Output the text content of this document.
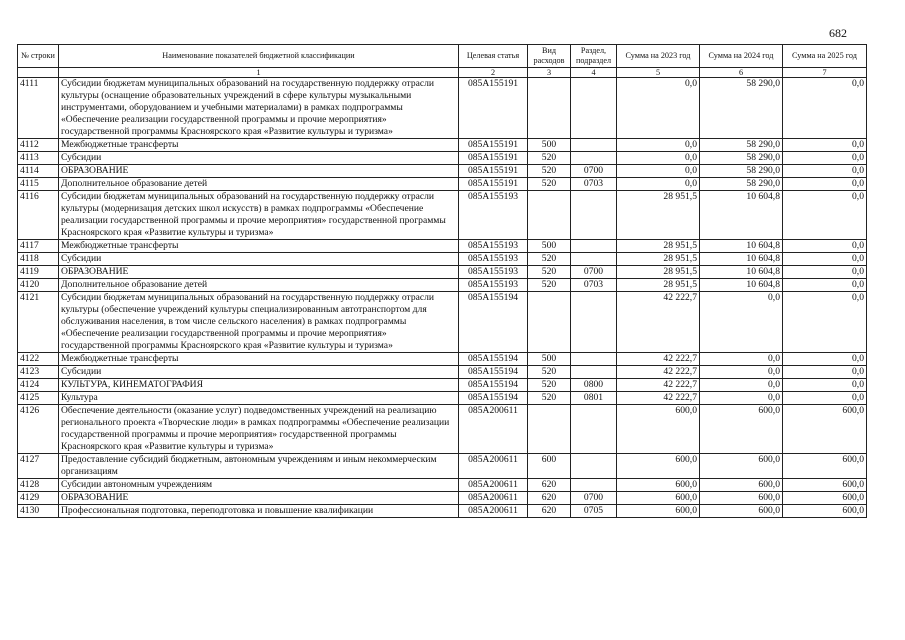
682
№ строки	Наименование показателей бюджетной классификации	Целевая статья	Вид расходов	Раздел, подраздел	Сумма на 2023 год	Сумма на 2024 год	Сумма на 2025 год
	1	2	3	4	5	6	7
4111	Субсидии бюджетам муниципальных образований на государственную поддержку отрасли культуры (оснащение образовательных учреждений в сфере культуры музыкальными инструментами, оборудованием и учебными материалами) в рамках подпрограммы «Обеспечение реализации государственной программы и прочие мероприятия» государственной программы Красноярского края «Развитие культуры и туризма»	085А155191			0,0	58 290,0	0,0
4112	Межбюджетные трансферты	085А155191	500		0,0	58 290,0	0,0
4113	Субсидии	085А155191	520		0,0	58 290,0	0,0
4114	ОБРАЗОВАНИЕ	085А155191	520	0700	0,0	58 290,0	0,0
4115	Дополнительное образование детей	085А155191	520	0703	0,0	58 290,0	0,0
4116	Субсидии бюджетам муниципальных образований на государственную поддержку отрасли культуры (модернизация детских школ искусств) в рамках подпрограммы «Обеспечение реализации государственной программы и прочие мероприятия» государственной программы Красноярского края «Развитие культуры и туризма»	085А155193			28 951,5	10 604,8	0,0
4117	Межбюджетные трансферты	085А155193	500		28 951,5	10 604,8	0,0
4118	Субсидии	085А155193	520		28 951,5	10 604,8	0,0
4119	ОБРАЗОВАНИЕ	085А155193	520	0700	28 951,5	10 604,8	0,0
4120	Дополнительное образование детей	085А155193	520	0703	28 951,5	10 604,8	0,0
4121	Субсидии бюджетам муниципальных образований на государственную поддержку отрасли культуры (обеспечение учреждений культуры специализированным автотранспортом для обслуживания населения, в том числе сельского населения) в рамках подпрограммы «Обеспечение реализации государственной программы и прочие мероприятия» государственной программы Красноярского края «Развитие культуры и туризма»	085А155194			42 222,7	0,0	0,0
4122	Межбюджетные трансферты	085А155194	500		42 222,7	0,0	0,0
4123	Субсидии	085А155194	520		42 222,7	0,0	0,0
4124	КУЛЬТУРА, КИНЕМАТОГРАФИЯ	085А155194	520	0800	42 222,7	0,0	0,0
4125	Культура	085А155194	520	0801	42 222,7	0,0	0,0
4126	Обеспечение деятельности (оказание услуг) подведомственных учреждений на реализацию регионального проекта «Творческие люди» в рамках подпрограммы «Обеспечение реализации государственной программы и прочие мероприятия» государственной программы Красноярского края «Развитие культуры и туризма»	085А200611			600,0	600,0	600,0
4127	Предоставление субсидий бюджетным, автономным учреждениям и иным некоммерческим организациям	085А200611	600		600,0	600,0	600,0
4128	Субсидии автономным учреждениям	085А200611	620		600,0	600,0	600,0
4129	ОБРАЗОВАНИЕ	085А200611	620	0700	600,0	600,0	600,0
4130	Профессиональная подготовка, переподготовка и повышение квалификации	085А200611	620	0705	600,0	600,0	600,0
